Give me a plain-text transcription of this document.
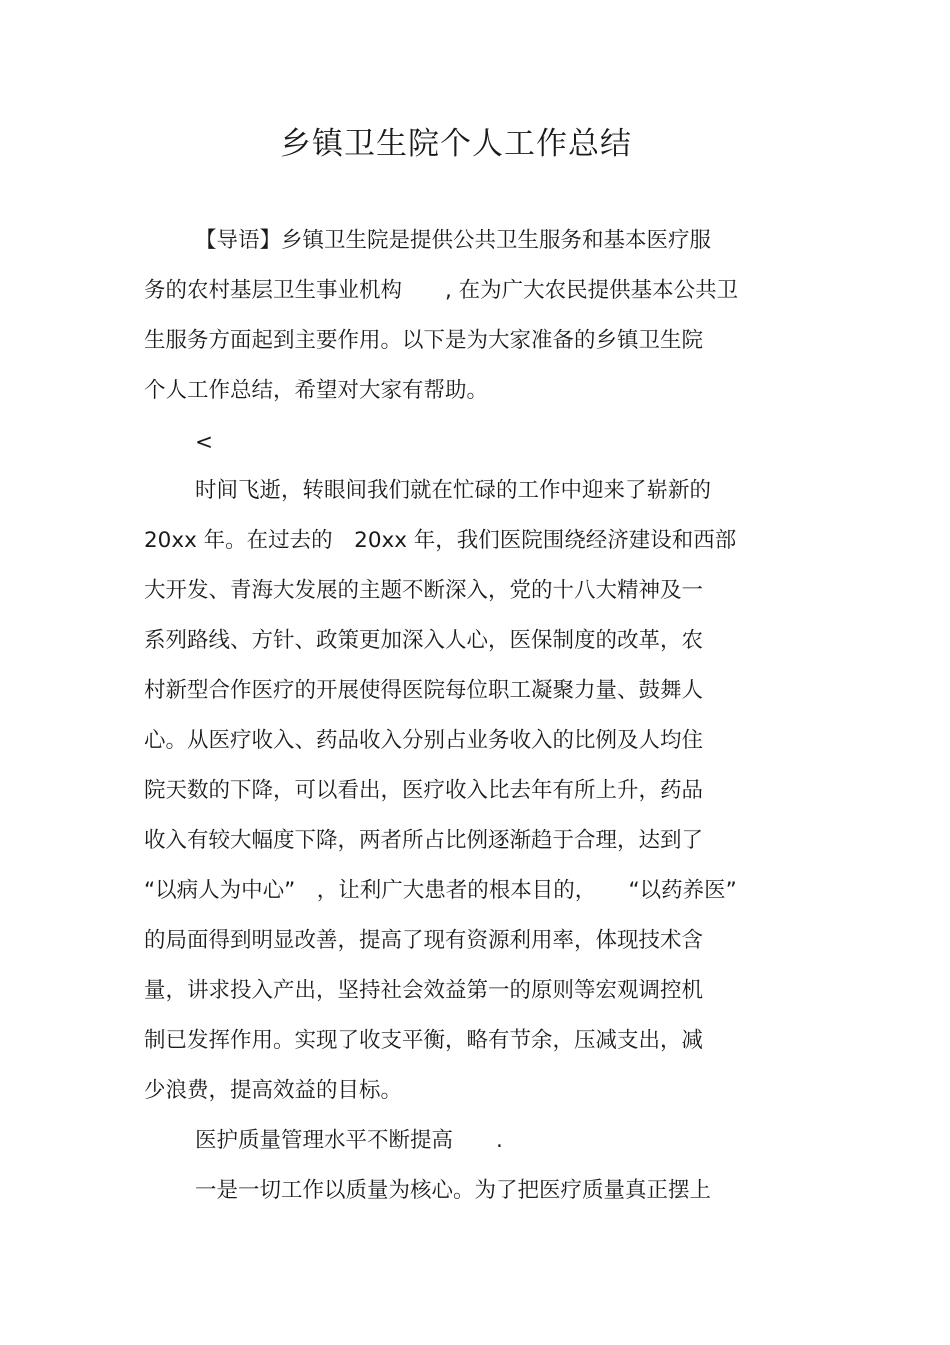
乡镇卫生院个人工作总结
【导语】乡镇卫生院是提供公共卫生服务和基本医疗服
务的农村基层卫生事业机构　　, 在为广大农民提供基本公共卫
生服务方面起到主要作用。以下是为大家准备的乡镇卫生院
个人工作总结，希望对大家有帮助。
<
时间飞逝，转眼间我们就在忙碌的工作中迎来了崭新的
20xx 年。在过去的　20xx 年，我们医院围绕经济建设和西部
大开发、青海大发展的主题不断深入，党的十八大精神及一
系列路线、方针、政策更加深入人心，医保制度的改革，农
村新型合作医疗的开展使得医院每位职工凝聚力量、鼓舞人
心。从医疗收入、药品收入分别占业务收入的比例及人均住
院天数的下降，可以看出，医疗收入比去年有所上升，药品
收入有较大幅度下降，两者所占比例逐渐趋于合理，达到了
“以病人为中心”　，让利广大患者的根本目的，　　“以药养医”
的局面得到明显改善，提高了现有资源利用率，体现技术含
量，讲求投入产出，坚持社会效益第一的原则等宏观调控机
制已发挥作用。实现了收支平衡，略有节余，压减支出，减
少浪费，提高效益的目标。
医护质量管理水平不断提高　　.
一是一切工作以质量为核心。为了把医疗质量真正摆上
